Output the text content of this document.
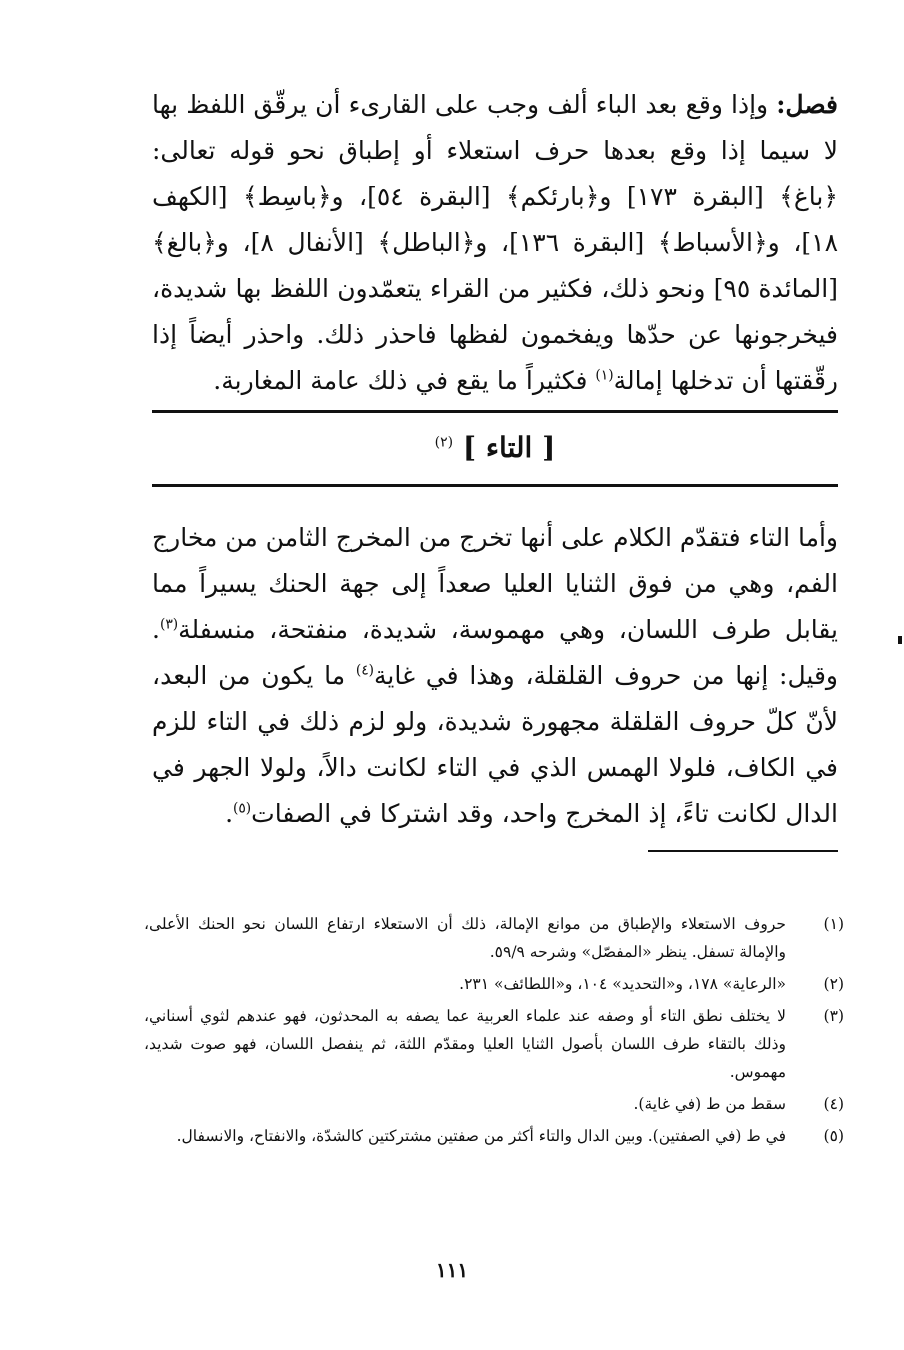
فصل: وإذا وقع بعد الباء ألف وجب على القارىء أن يرقّق اللفظ بها لا سيما إذا وقع بعدها حرف استعلاء أو إطباق نحو قوله تعالى: ﴿باغ﴾ [البقرة ١٧٣] و﴿بارئكم﴾ [البقرة ٥٤]، و﴿باسِط﴾ [الكهف ١٨]، و﴿الأسباط﴾ [البقرة ١٣٦]، و﴿الباطل﴾ [الأنفال ٨]، و﴿بالغ﴾ [المائدة ٩٥] ونحو ذلك، فكثير من القراء يتعمّدون اللفظ بها شديدة، فيخرجونها عن حدّها ويفخمون لفظها فاحذر ذلك. واحذر أيضاً إذا رقّقتها أن تدخلها إمالة$^{(١)}$ فكثيراً ما يقع في ذلك عامة المغاربة.

[ التاء ] $^{(٢)}$

وأما التاء فتقدّم الكلام على أنها تخرج من المخرج الثامن من مخارج الفم، وهي من فوق الثنايا العليا صعداً إلى جهة الحنك يسيراً مما يقابل طرف اللسان، وهي مهموسة، شديدة، منفتحة، منسفلة$^{(٣)}$. وقيل: إنها من حروف القلقلة، وهذا في غاية$^{(٤)}$ ما يكون من البعد، لأنّ كلّ حروف القلقلة مجهورة شديدة، ولو لزم ذلك في التاء للزم في الكاف، فلولا الهمس الذي في التاء لكانت دالاً، ولولا الجهر في الدال لكانت تاءً، إذ المخرج واحد، وقد اشتركا في الصفات$^{(٥)}$.

(١)
حروف الاستعلاء والإطباق من موانع الإمالة، ذلك أن الاستعلاء ارتفاع اللسان نحو الحنك الأعلى، والإمالة تسفل. ينظر «المفصّل» وشرحه ٥٩/٩.
(٢)
«الرعاية» ١٧٨، و«التحديد» ١٠٤، و«اللطائف» ٢٣١.
(٣)
لا يختلف نطق التاء أو وصفه عند علماء العربية عما يصفه به المحدثون، فهو عندهم لثوي أسناني، وذلك بالتقاء طرف اللسان بأصول الثنايا العليا ومقدّم اللثة، ثم ينفصل اللسان، فهو صوت شديد، مهموس.
(٤)
سقط من ط (في غاية).
(٥)
في ط (في الصفتين). وبين الدال والتاء أكثر من صفتين مشتركتين كالشدّة، والانفتاح، والانسفال.
١١١
